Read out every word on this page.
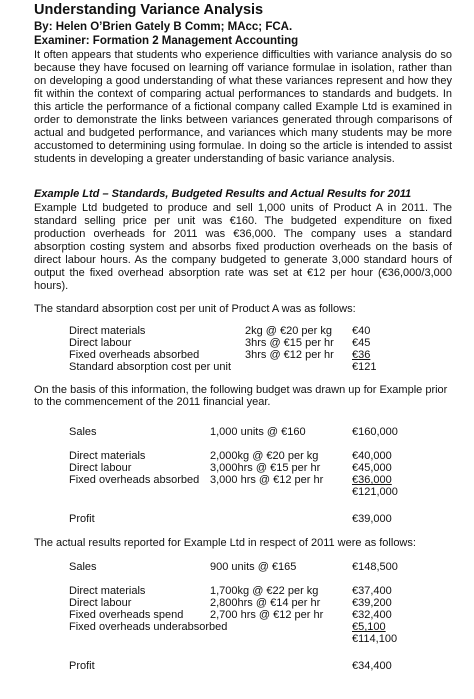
Understanding Variance Analysis
By: Helen O’Brien Gately B Comm; MAcc; FCA.
Examiner: Formation 2 Management Accounting

It often appears that students who experience difficulties with variance analysis do so because they have focused on learning off variance formulae in isolation, rather than on developing a good understanding of what these variances represent and how they fit within the context of comparing actual performances to standards and budgets. In this article the performance of a fictional company called Example Ltd is examined in order to demonstrate the links between variances generated through comparisons of actual and budgeted performance, and variances which many students may be more accustomed to determining using formulae. In doing so the article is intended to assist students in developing a greater understanding of basic variance analysis.

Example Ltd – Standards, Budgeted Results and Actual Results for 2011

Example Ltd budgeted to produce and sell 1,000 units of Product A in 2011. The standard selling price per unit was €160. The budgeted expenditure on fixed production overheads for 2011 was €36,000. The company uses a standard absorption costing system and absorbs fixed production overheads on the basis of direct labour hours. As the company budgeted to generate 3,000 standard hours of output the fixed overhead absorption rate was set at €12 per hour (€36,000/3,000 hours).

The standard absorption cost per unit of Product A was as follows:
Direct materials	2kg @ €20 per kg €40
Direct labour	3hrs @ €15 per hr €45
Fixed overheads absorbed	3hrs @ €12 per hr €36
Standard absorption cost per unit	€121
On the basis of this information, the following budget was drawn up for Example prior
to the commencement of the 2011 financial year.
Sales	1,000 units @ €160	€160,000
Direct materials	2,000kg @ €20 per kg	€40,000
Direct labour	3,000hrs @ €15 per hr	€45,000
Fixed overheads absorbed 3,000 hrs @ €12 per hr	€36,000
€121,000
Profit	€39,000
The actual results reported for Example Ltd in respect of 2011 were as follows:
Sales	900 units @ €165	€148,500
Direct materials	1,700kg @ €22 per kg	€37,400
Direct labour	2,800hrs @ €14 per hr	€39,200
Fixed overheads spend 2,700 hrs @ €12 per hr	€32,400
Fixed overheads underabsorbed	€5,100
€114,100
Profit	€34,400
